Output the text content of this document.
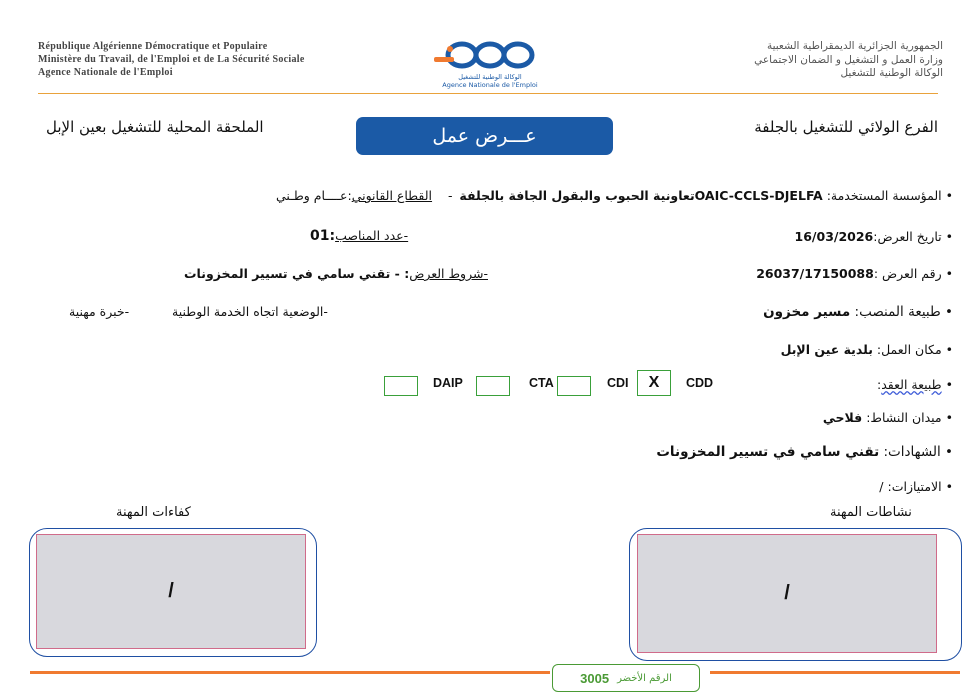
République Algérienne Démocratique et Populaire
Ministère du Travail, de l'Emploi et de La Sécurité Sociale
Agence Nationale de l'Emploi	الوكالة الوطنية للتشغيل
Agence Nationale de l'Emploi
الجمهورية الجزائرية الديمقراطية الشعبية
وزارة العمل و التشغيل و الضمان الاجتماعي
الوكالة الوطنية للتشغيل
الفرع الولائي للتشغيل بالجلفة
الملحقة المحلية للتشغيل بعين الإبل	عـــرض عمل
• المؤسسة المستخدمة: OAIC-CCLS-DJELFAتعاونية الحبوب والبقول الجافة بالجلفة
-    القطاع القانوني:عــــام وطـني
• تاريخ العرض:16/03/2026
-عدد المناصب:01
• رقم العرض :26037/17150088
-شروط العرض: - تقني سامي في تسيير المخزونات
• طبيعة المنصب: مسير مخزون
-الوضعية اتجاه الخدمة الوطنية
-خبرة مهنية
• مكان العمل: بلدية عين الإبل
• طبيعة العقد:
CDD
X
CDI
CTA
DAIP
• ميدان النشاط: فلاحي
• الشهادات: تقني سامي في تسيير المخزونات
• الامتيازات: /
نشاطات المهنة
كفاءات المهنة
/
/
الرقم الأخضر
3005
